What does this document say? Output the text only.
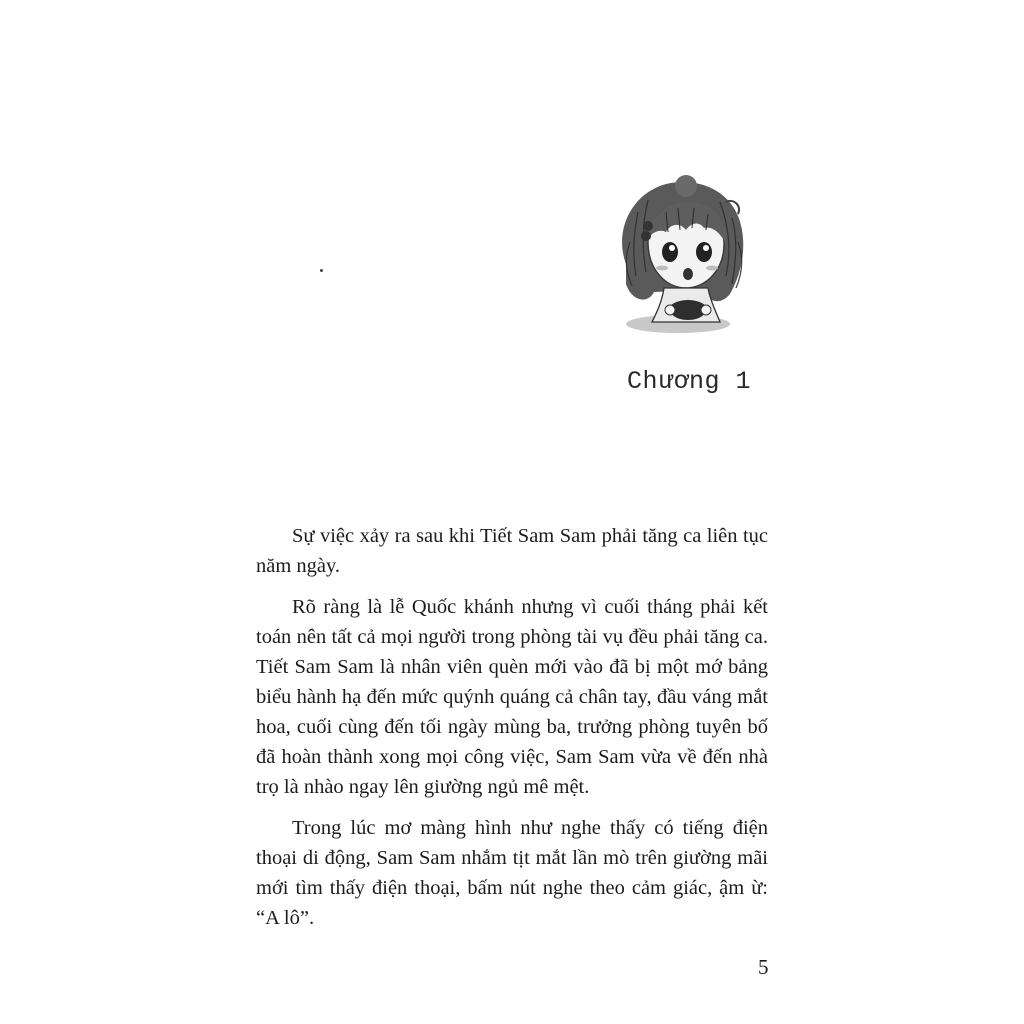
Chương 1

Sự việc xảy ra sau khi Tiết Sam Sam phải tăng ca liên tục năm ngày.

Rõ ràng là lễ Quốc khánh nhưng vì cuối tháng phải kết toán nên tất cả mọi người trong phòng tài vụ đều phải tăng ca. Tiết Sam Sam là nhân viên quèn mới vào đã bị một mớ bảng biểu hành hạ đến mức quýnh quáng cả chân tay, đầu váng mắt hoa, cuối cùng đến tối ngày mùng ba, trưởng phòng tuyên bố đã hoàn thành xong mọi công việc, Sam Sam vừa về đến nhà trọ là nhào ngay lên giường ngủ mê mệt.

Trong lúc mơ màng hình như nghe thấy có tiếng điện thoại di động, Sam Sam nhắm tịt mắt lần mò trên giường mãi mới tìm thấy điện thoại, bấm nút nghe theo cảm giác, ậm ừ: “A lô”.

5
